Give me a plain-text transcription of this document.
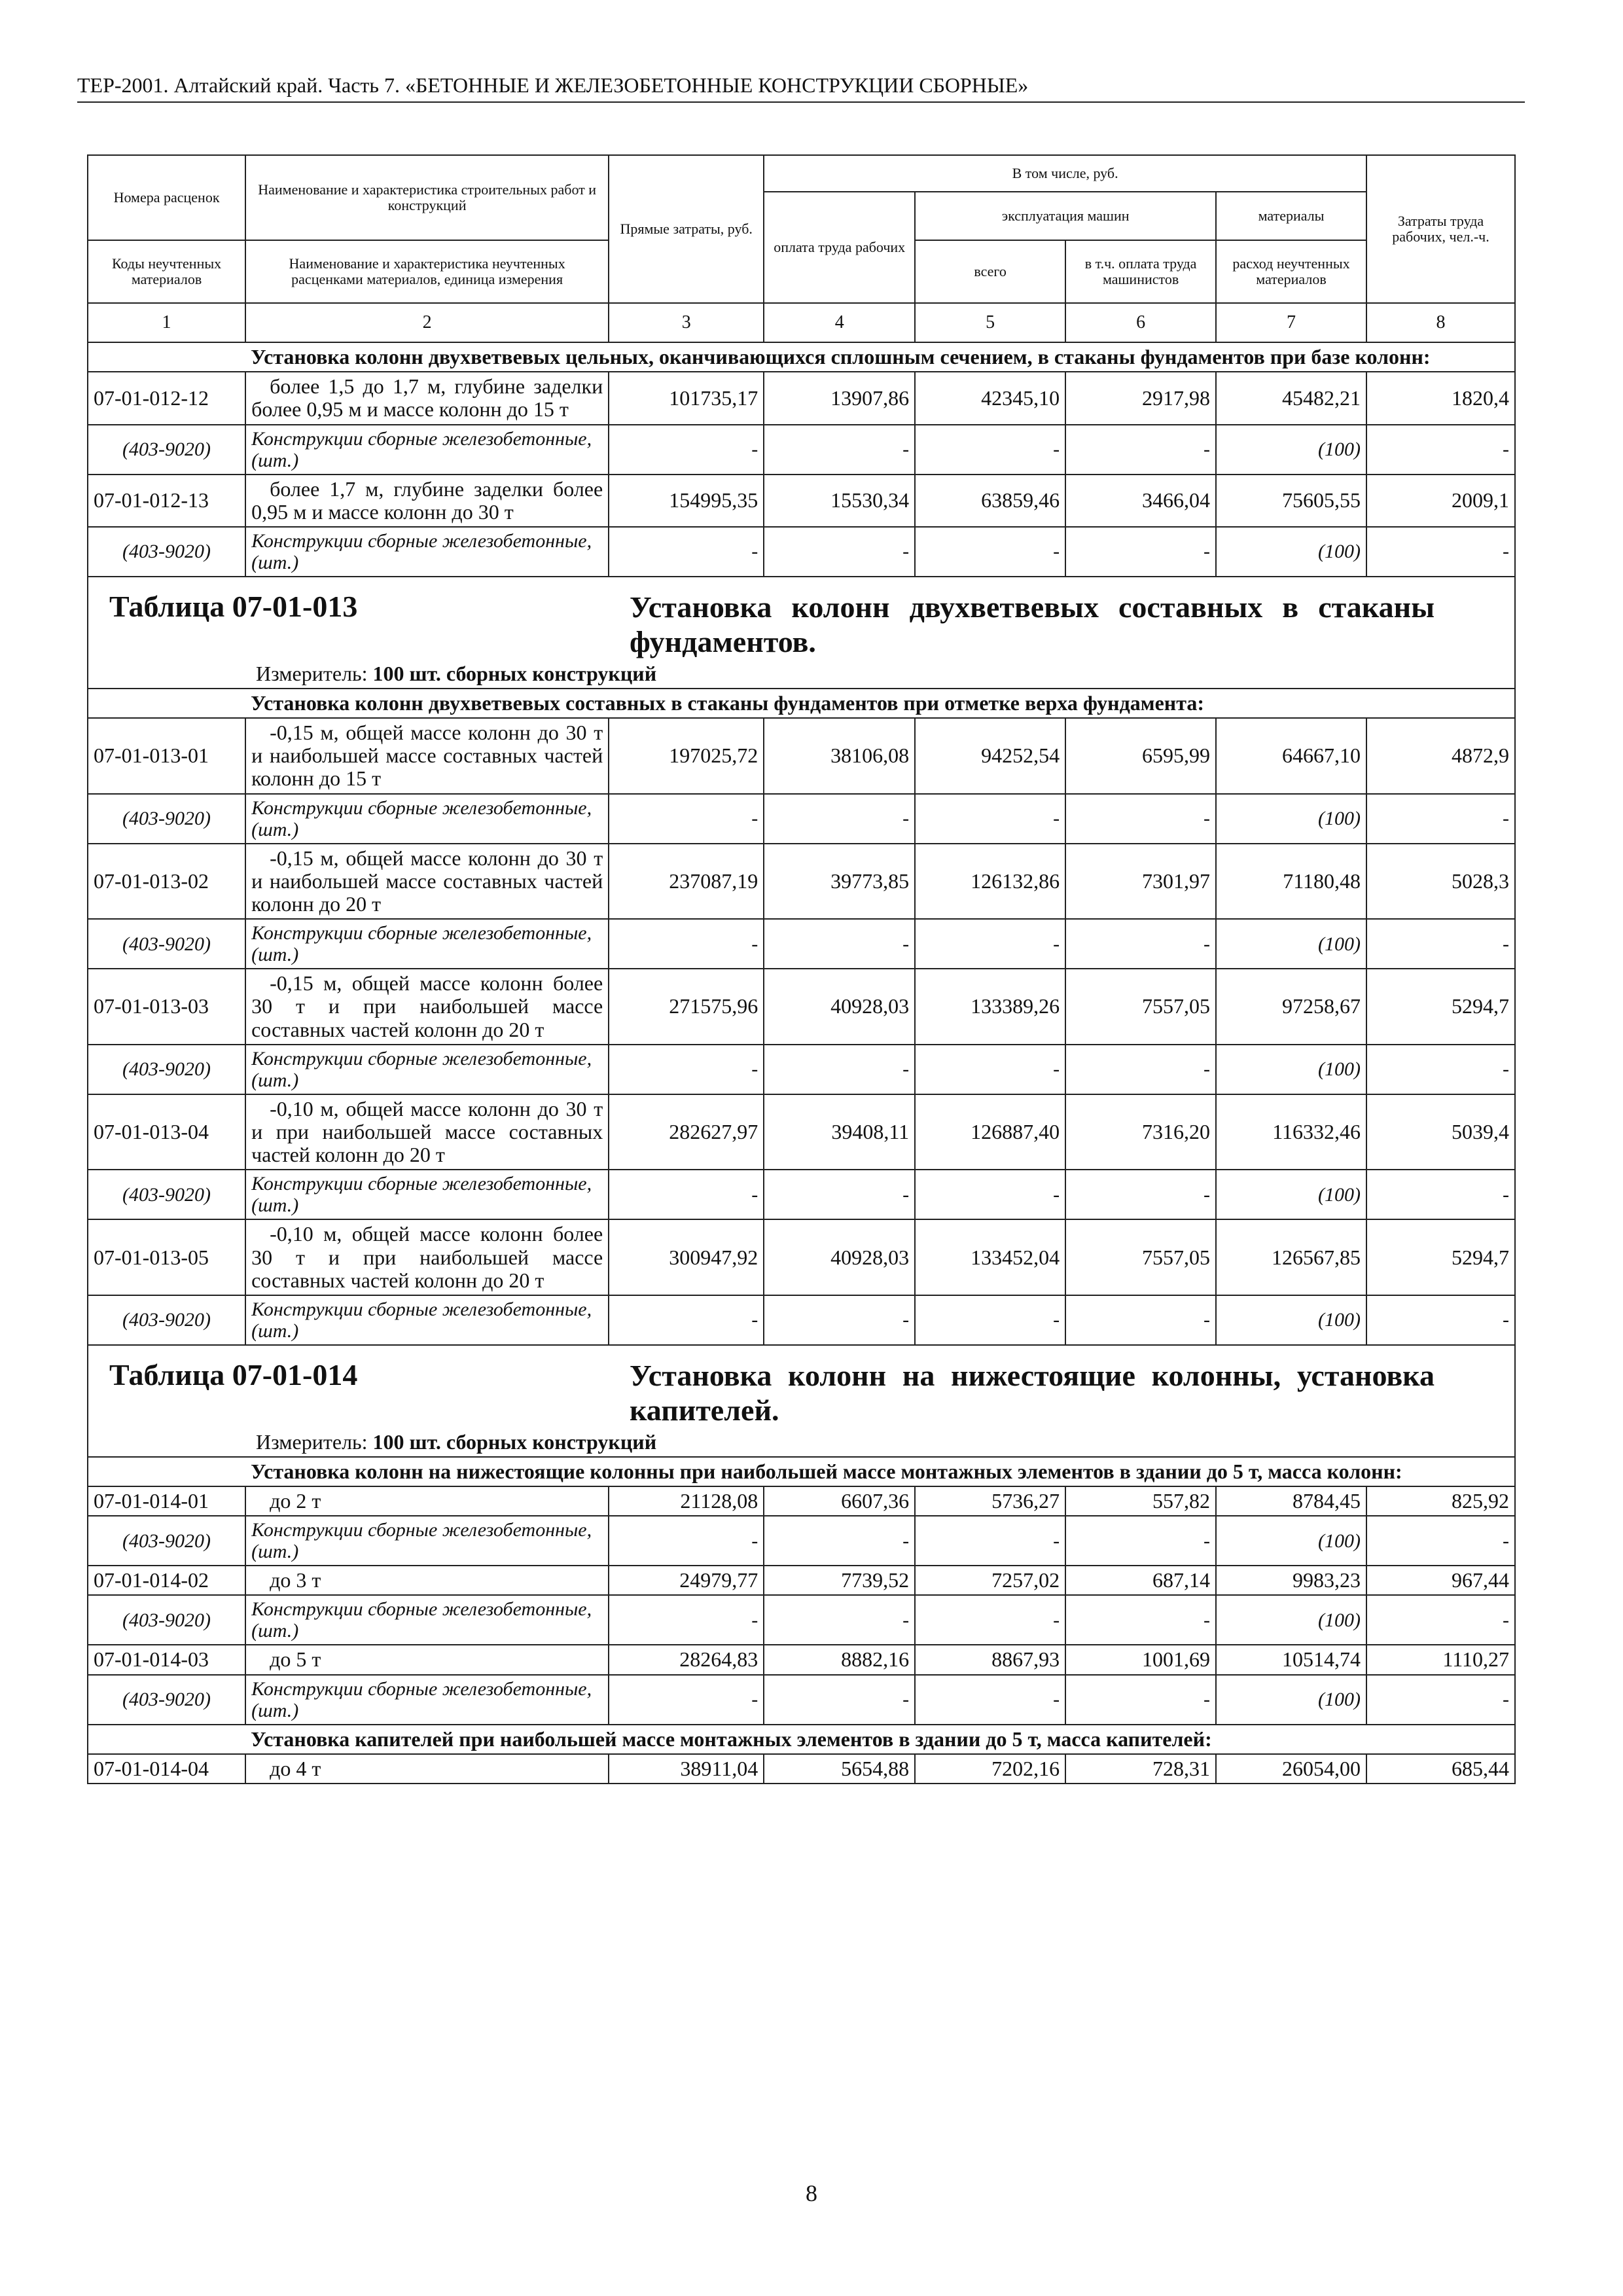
ТЕР-2001. Алтайский край. Часть 7. «БЕТОННЫЕ И ЖЕЛЕЗОБЕТОННЫЕ КОНСТРУКЦИИ СБОРНЫЕ»
Номера расценок	Наименование и характеристика строительных работ и конструкций	Прямые затраты, руб.	В том числе, руб.				Затраты труда рабочих, чел.-ч.
			оплата труда рабочих	эксплуатация машин		материалы	
Коды неучтенных материалов	Наименование и характеристика неучтенных расценками материалов, единица измерения			всего	в т.ч. оплата труда машинистов	расход неучтенных материалов	
1	2	3	4	5	6	7	8

	Установка колонн двухветвевых цельных, оканчивающихся сплошным сечением, в стаканы фундаментов при базе колонн:						

07-01-012-12	более 1,5 до 1,7 м, глубине заделки более 0,95 м и массе колонн до 15 т	101735,17	13907,86	42345,10	2917,98	45482,21	1820,4
(403-9020)	Конструкции сборные железобетонные, (шт.)	-	-	-	-	(100)	-
07-01-012-13	более 1,7 м, глубине заделки более 0,95 м и массе колонн до 30 т	154995,35	15530,34	63859,46	3466,04	75605,55	2009,1
(403-9020)	Конструкции сборные железобетонные, (шт.)	-	-	-	-	(100)	-

Таблица 07-01-013 Установка колонн двухветвевых составных в стаканы фундаментов.
Измеритель: 100 шт. сборных конструкций							

	Установка колонн двухветвевых составных в стаканы фундаментов при отметке верха фундамента:						

07-01-013-01	-0,15 м, общей массе колонн до 30 т и наибольшей массе составных частей колонн до 15 т	197025,72	38106,08	94252,54	6595,99	64667,10	4872,9
(403-9020)	Конструкции сборные железобетонные, (шт.)	-	-	-	-	(100)	-
07-01-013-02	-0,15 м, общей массе колонн до 30 т и наибольшей массе составных частей колонн до 20 т	237087,19	39773,85	126132,86	7301,97	71180,48	5028,3
(403-9020)	Конструкции сборные железобетонные, (шт.)	-	-	-	-	(100)	-
07-01-013-03	-0,15 м, общей массе колонн более 30 т и при наибольшей массе составных частей колонн до 20 т	271575,96	40928,03	133389,26	7557,05	97258,67	5294,7
(403-9020)	Конструкции сборные железобетонные, (шт.)	-	-	-	-	(100)	-
07-01-013-04	-0,10 м, общей массе колонн до 30 т и при наибольшей массе составных частей колонн до 20 т	282627,97	39408,11	126887,40	7316,20	116332,46	5039,4
(403-9020)	Конструкции сборные железобетонные, (шт.)	-	-	-	-	(100)	-
07-01-013-05	-0,10 м, общей массе колонн более 30 т и при наибольшей массе составных частей колонн до 20 т	300947,92	40928,03	133452,04	7557,05	126567,85	5294,7
(403-9020)	Конструкции сборные железобетонные, (шт.)	-	-	-	-	(100)	-

Таблица 07-01-014 Установка колонн на нижестоящие колонны, установка капителей.
Измеритель: 100 шт. сборных конструкций							

	Установка колонн на нижестоящие колонны при наибольшей массе монтажных элементов в здании до 5 т, масса колонн:						

07-01-014-01	до 2 т	21128,08	6607,36	5736,27	557,82	8784,45	825,92
(403-9020)	Конструкции сборные железобетонные, (шт.)	-	-	-	-	(100)	-
07-01-014-02	до 3 т	24979,77	7739,52	7257,02	687,14	9983,23	967,44
(403-9020)	Конструкции сборные железобетонные, (шт.)	-	-	-	-	(100)	-
07-01-014-03	до 5 т	28264,83	8882,16	8867,93	1001,69	10514,74	1110,27
(403-9020)	Конструкции сборные железобетонные, (шт.)	-	-	-	-	(100)	-

	Установка капителей при наибольшей массе монтажных элементов в здании до 5 т, масса капителей:						

07-01-014-04	до 4 т	38911,04	5654,88	7202,16	728,31	26054,00	685,44
8
